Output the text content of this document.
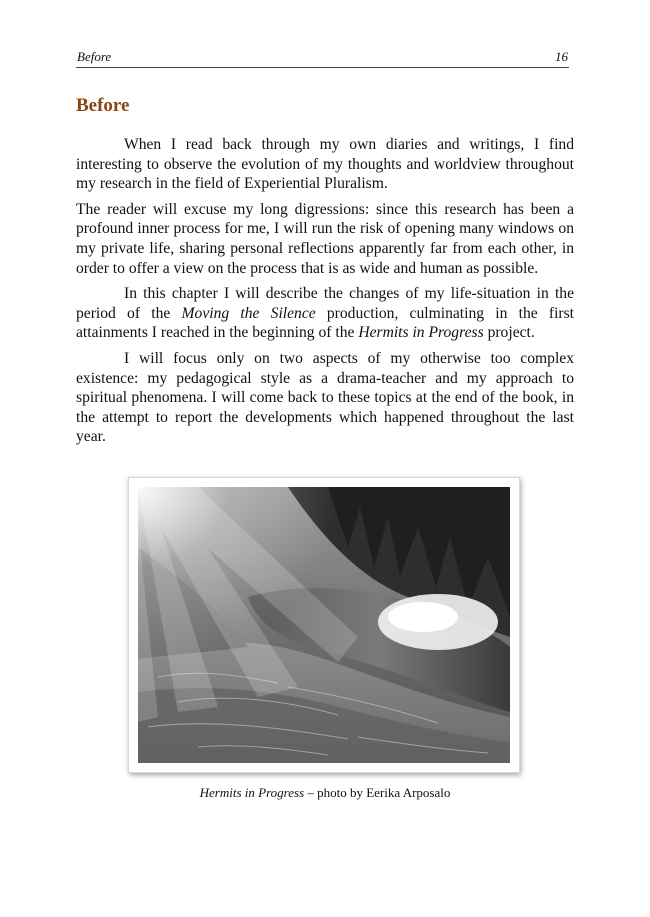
Before	16
Before

When I read back through my own diaries and writings, I find interesting to observe the evolution of my thoughts and worldview throughout my research in the field of Experiential Pluralism.

The reader will excuse my long digressions: since this research has been a profound inner process for me, I will run the risk of opening many windows on my private life, sharing personal reflections apparently far from each other, in order to offer a view on the process that is as wide and human as possible.

In this chapter I will describe the changes of my life-situation in the period of the Moving the Silence production, culminating in the first attainments I reached in the beginning of the Hermits in Progress project.

I will focus only on two aspects of my otherwise too complex existence: my pedagogical style as a drama-teacher and my approach to spiritual phenomena. I will come back to these topics at the end of the book, in the attempt to report the developments which happened throughout the last year.

Hermits in Progress – photo by Eerika Arposalo
